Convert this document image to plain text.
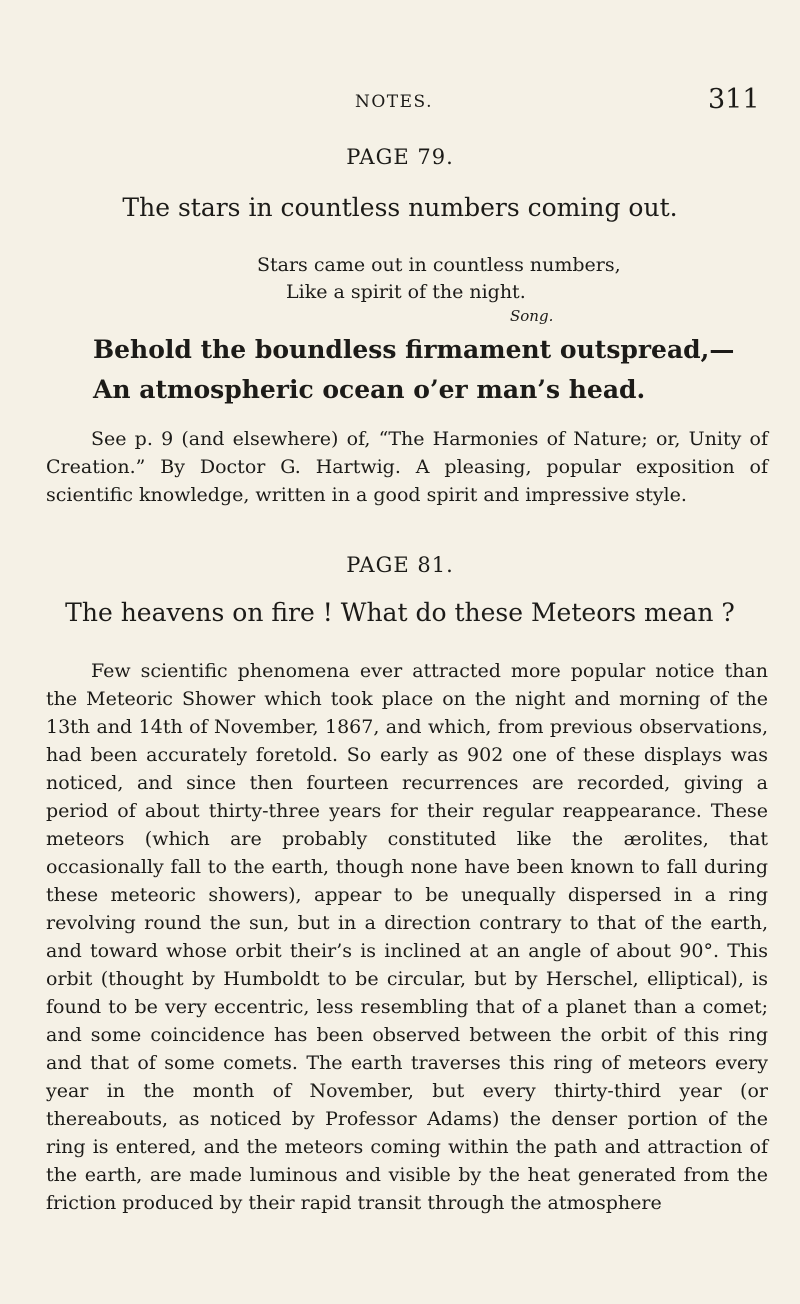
NOTES.	311
PAGE 79.
The stars in countless numbers coming out.
Stars came out in countless numbers,
Like a spirit of the night.
Song.
Behold the boundless firmament outspread,—
An atmospheric ocean o’er man’s head.
See p. 9 (and elsewhere) of, “The Harmonies of Nature; or, Unity of Creation.” By Doctor G. Hartwig. A pleasing, popular exposition of scientific knowledge, written in a good spirit and impressive style.
PAGE 81.
The heavens on fire ! What do these Meteors mean ?
Few scientific phenomena ever attracted more popular notice than the Meteoric Shower which took place on the night and morning of the 13th and 14th of November, 1867, and which, from previous observations, had been accurately foretold. So early as 902 one of these displays was noticed, and since then fourteen recurrences are recorded, giving a period of about thirty-three years for their regular reappearance. These meteors (which are probably constituted like the ærolites, that occasionally fall to the earth, though none have been known to fall during these meteoric showers), appear to be unequally dispersed in a ring revolving round the sun, but in a direction contrary to that of the earth, and toward whose orbit their’s is inclined at an angle of about 90°. This orbit (thought by Humboldt to be circular, but by Herschel, elliptical), is found to be very eccentric, less resembling that of a planet than a comet; and some coincidence has been observed between the orbit of this ring and that of some comets. The earth traverses this ring of meteors every year in the month of November, but every thirty-third year (or thereabouts, as noticed by Professor Adams) the denser portion of the ring is entered, and the meteors coming within the path and attraction of the earth, are made luminous and visible by the heat generated from the friction produced by their rapid transit through the atmosphere
